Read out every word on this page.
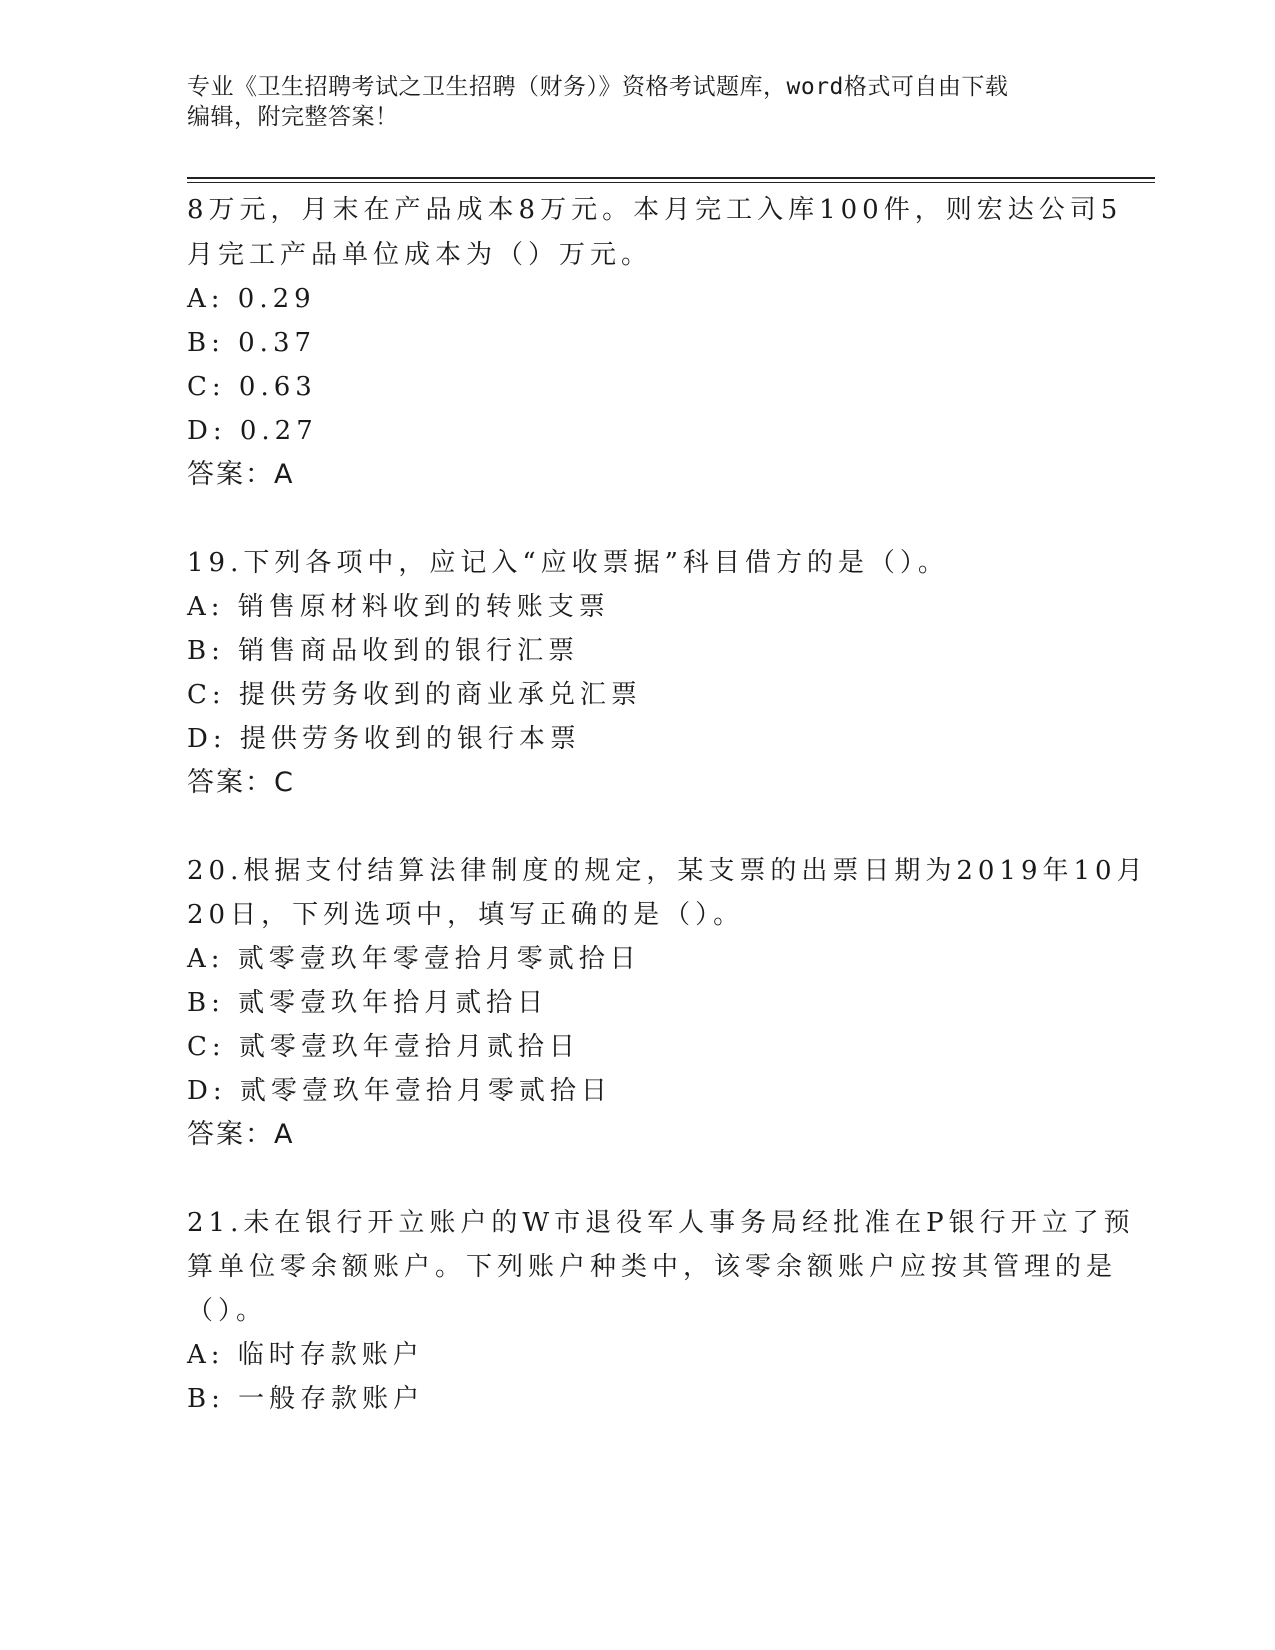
专业《卫生招聘考试之卫生招聘（财务）》资格考试题库，word格式可自由下载
编辑，附完整答案！
8万元，月末在产品成本8万元。本月完工入库100件，则宏达公司5
月完工产品单位成本为（）万元。
A: 0.29
B: 0.37
C: 0.63
D: 0.27
答案：A
19.下列各项中，应记入“应收票据”科目借方的是（）。
A: 销售原材料收到的转账支票
B: 销售商品收到的银行汇票
C: 提供劳务收到的商业承兑汇票
D: 提供劳务收到的银行本票
答案：C
20.根据支付结算法律制度的规定，某支票的出票日期为2019年10月
20日，下列选项中，填写正确的是（）。
A: 贰零壹玖年零壹拾月零贰拾日
B: 贰零壹玖年拾月贰拾日
C: 贰零壹玖年壹拾月贰拾日
D: 贰零壹玖年壹拾月零贰拾日
答案：A
21.未在银行开立账户的W市退役军人事务局经批准在P银行开立了预
算单位零余额账户。下列账户种类中，该零余额账户应按其管理的是
（）。
A: 临时存款账户
B: 一般存款账户
